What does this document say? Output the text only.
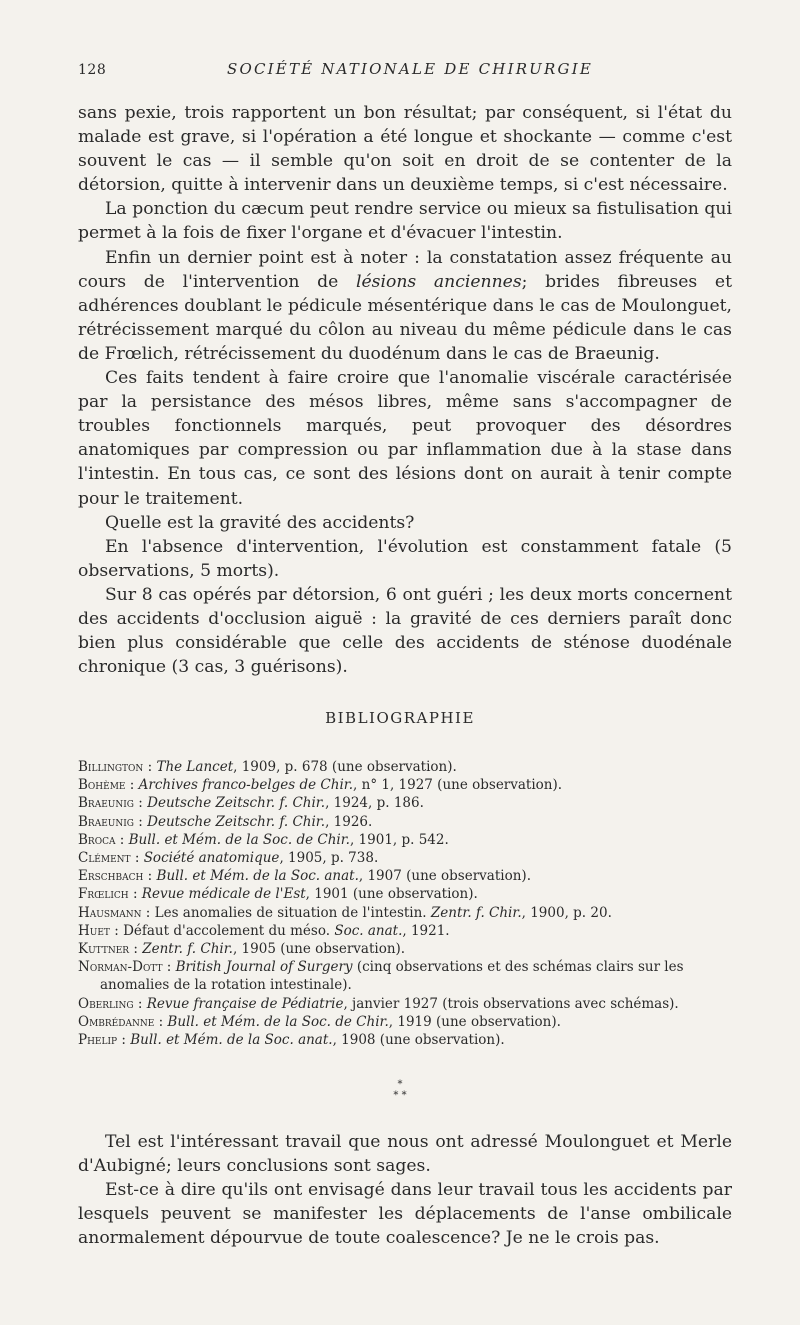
128	SOCIÉTÉ NATIONALE DE CHIRURGIE

sans pexie, trois rapportent un bon résultat; par conséquent, si l'état du malade est grave, si l'opération a été longue et shockante — comme c'est souvent le cas — il semble qu'on soit en droit de se contenter de la détorsion, quitte à intervenir dans un deuxième temps, si c'est nécessaire.

La ponction du cæcum peut rendre service ou mieux sa fistulisation qui permet à la fois de fixer l'organe et d'évacuer l'intestin.

Enfin un dernier point est à noter : la constatation assez fréquente au cours de l'intervention de lésions anciennes; brides fibreuses et adhérences doublant le pédicule mésentérique dans le cas de Moulonguet, rétrécissement marqué du côlon au niveau du même pédicule dans le cas de Frœlich, rétrécissement du duodénum dans le cas de Braeunig.

Ces faits tendent à faire croire que l'anomalie viscérale caractérisée par la persistance des mésos libres, même sans s'accompagner de troubles fonctionnels marqués, peut provoquer des désordres anatomiques par compression ou par inflammation due à la stase dans l'intestin. En tous cas, ce sont des lésions dont on aurait à tenir compte pour le traitement.

Quelle est la gravité des accidents?

En l'absence d'intervention, l'évolution est constamment fatale (5 observations, 5 morts).

Sur 8 cas opérés par détorsion, 6 ont guéri ; les deux morts concernent des accidents d'occlusion aiguë : la gravité de ces derniers paraît donc bien plus considérable que celle des accidents de sténose duodénale chronique (3 cas, 3 guérisons).

BIBLIOGRAPHIE
Billington : The Lancet, 1909, p. 678 (une observation).
Bohème : Archives franco-belges de Chir., n° 1, 1927 (une observation).
Braeunig : Deutsche Zeitschr. f. Chir., 1924, p. 186.
Braeunig : Deutsche Zeitschr. f. Chir., 1926.
Broca : Bull. et Mém. de la Soc. de Chir., 1901, p. 542.
Clément : Société anatomique, 1905, p. 738.
Erschbach : Bull. et Mém. de la Soc. anat., 1907 (une observation).
Frœlich : Revue médicale de l'Est, 1901 (une observation).
Hausmann : Les anomalies de situation de l'intestin. Zentr. f. Chir., 1900, p. 20.
Huet : Défaut d'accolement du méso. Soc. anat., 1921.
Kuttner : Zentr. f. Chir., 1905 (une observation).
Norman-Dott : British Journal of Surgery (cinq observations et des schémas clairs sur les anomalies de la rotation intestinale).
Oberling : Revue française de Pédiatrie, janvier 1927 (trois observations avec schémas).
Ombrédanne : Bull. et Mém. de la Soc. de Chir., 1919 (une observation).
Phelip : Bull. et Mém. de la Soc. anat., 1908 (une observation).
*
* *

Tel est l'intéressant travail que nous ont adressé Moulonguet et Merle d'Aubigné; leurs conclusions sont sages.

Est-ce à dire qu'ils ont envisagé dans leur travail tous les accidents par lesquels peuvent se manifester les déplacements de l'anse ombilicale anormalement dépourvue de toute coalescence? Je ne le crois pas.
